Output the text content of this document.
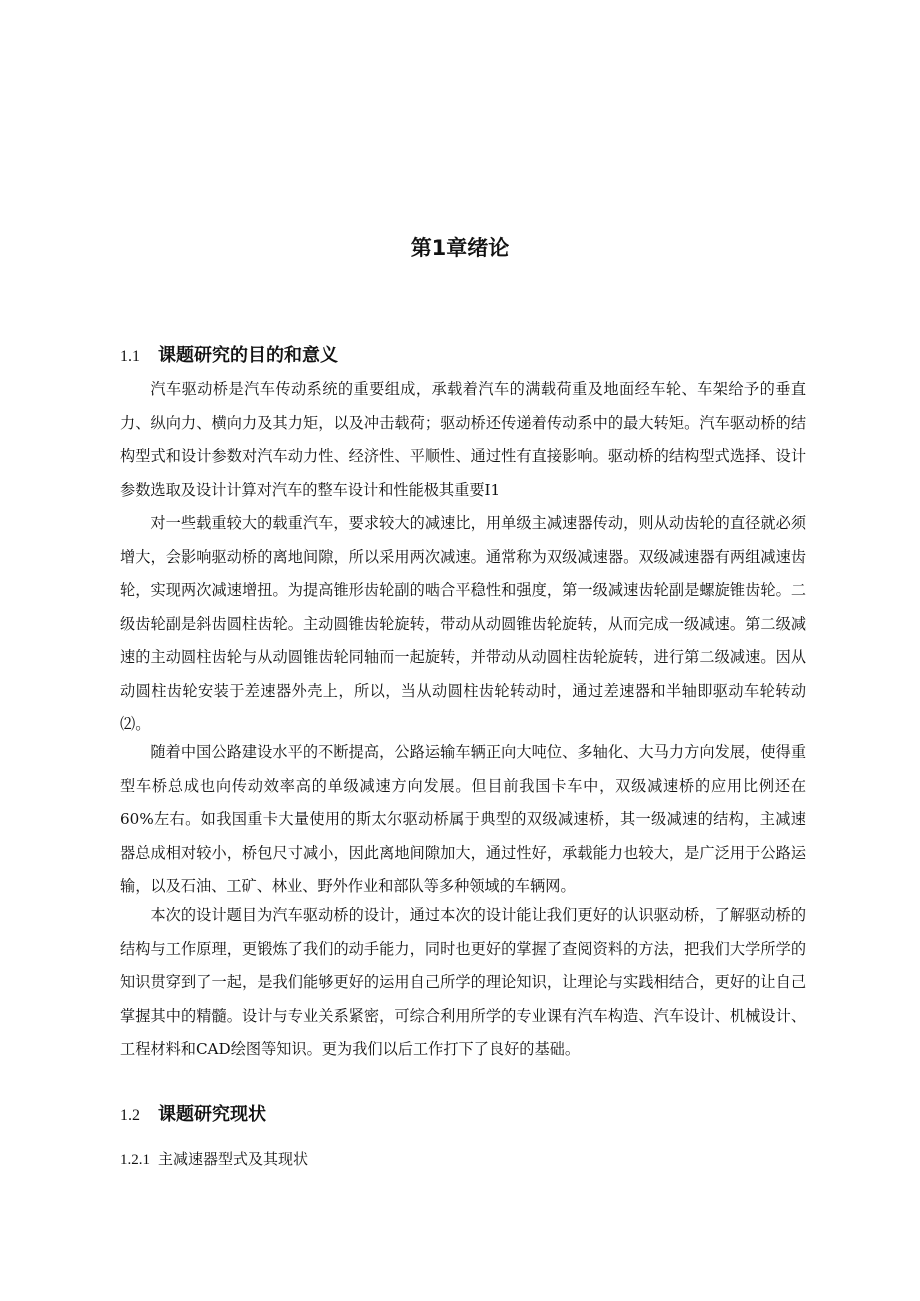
第1章绪论
1.1 课题研究的目的和意义

汽车驱动桥是汽车传动系统的重要组成，承载着汽车的满载荷重及地面经车轮、车架给予的垂直力、纵向力、横向力及其力矩，以及冲击载荷；驱动桥还传递着传动系中的最大转矩。汽车驱动桥的结构型式和设计参数对汽车动力性、经济性、平顺性、通过性有直接影响。驱动桥的结构型式选择、设计参数选取及设计计算对汽车的整车设计和性能极其重要I1

对一些载重较大的载重汽车，要求较大的减速比，用单级主减速器传动，则从动齿轮的直径就必须增大，会影响驱动桥的离地间隙，所以采用两次减速。通常称为双级减速器。双级减速器有两组减速齿轮，实现两次减速增扭。为提高锥形齿轮副的啮合平稳性和强度，第一级减速齿轮副是螺旋锥齿轮。二级齿轮副是斜齿圆柱齿轮。主动圆锥齿轮旋转，带动从动圆锥齿轮旋转，从而完成一级减速。第二级减速的主动圆柱齿轮与从动圆锥齿轮同轴而一起旋转，并带动从动圆柱齿轮旋转，进行第二级减速。因从动圆柱齿轮安装于差速器外壳上，所以，当从动圆柱齿轮转动时，通过差速器和半轴即驱动车轮转动⑵。

随着中国公路建设水平的不断提高，公路运输车辆正向大吨位、多轴化、大马力方向发展，使得重型车桥总成也向传动效率高的单级减速方向发展。但目前我国卡车中，双级减速桥的应用比例还在60%左右。如我国重卡大量使用的斯太尔驱动桥属于典型的双级减速桥，其一级减速的结构，主减速器总成相对较小，桥包尺寸减小，因此离地间隙加大，通过性好，承载能力也较大，是广泛用于公路运输，以及石油、工矿、林业、野外作业和部队等多种领域的车辆网。

本次的设计题目为汽车驱动桥的设计，通过本次的设计能让我们更好的认识驱动桥，了解驱动桥的结构与工作原理，更锻炼了我们的动手能力，同时也更好的掌握了查阅资料的方法，把我们大学所学的知识贯穿到了一起，是我们能够更好的运用自己所学的理论知识，让理论与实践相结合，更好的让自己掌握其中的精髓。设计与专业关系紧密，可综合利用所学的专业课有汽车构造、汽车设计、机械设计、工程材料和CAD绘图等知识。更为我们以后工作打下了良好的基础。

1.2 课题研究现状
1.2.1 主减速器型式及其现状
